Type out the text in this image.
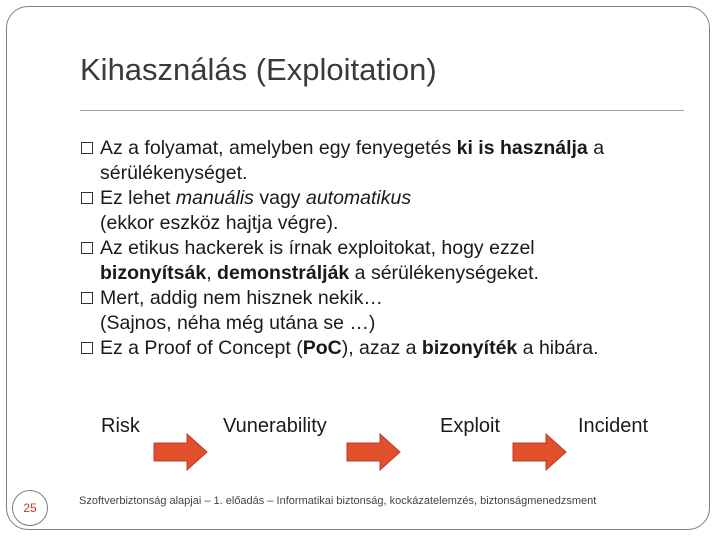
Kihasználás (Exploitation)
Az a folyamat, amelyben egy fenyegetés ki is használja a
sérülékenységet.
Ez lehet manuális vagy automatikus
(ekkor eszköz hajtja végre).
Az etikus hackerek is írnak exploitokat, hogy ezzel
bizonyítsák, demonstrálják a sérülékenységeket.
Mert, addig nem hisznek nekik…
(Sajnos, néha még utána se …)
Ez a Proof of Concept (PoC), azaz a bizonyíték a hibára.
Risk	Vunerability	Exploit	Incident
25	Szoftverbiztonság alapjai – 1. előadás – Informatikai biztonság, kockázatelemzés, biztonságmenedzsment
